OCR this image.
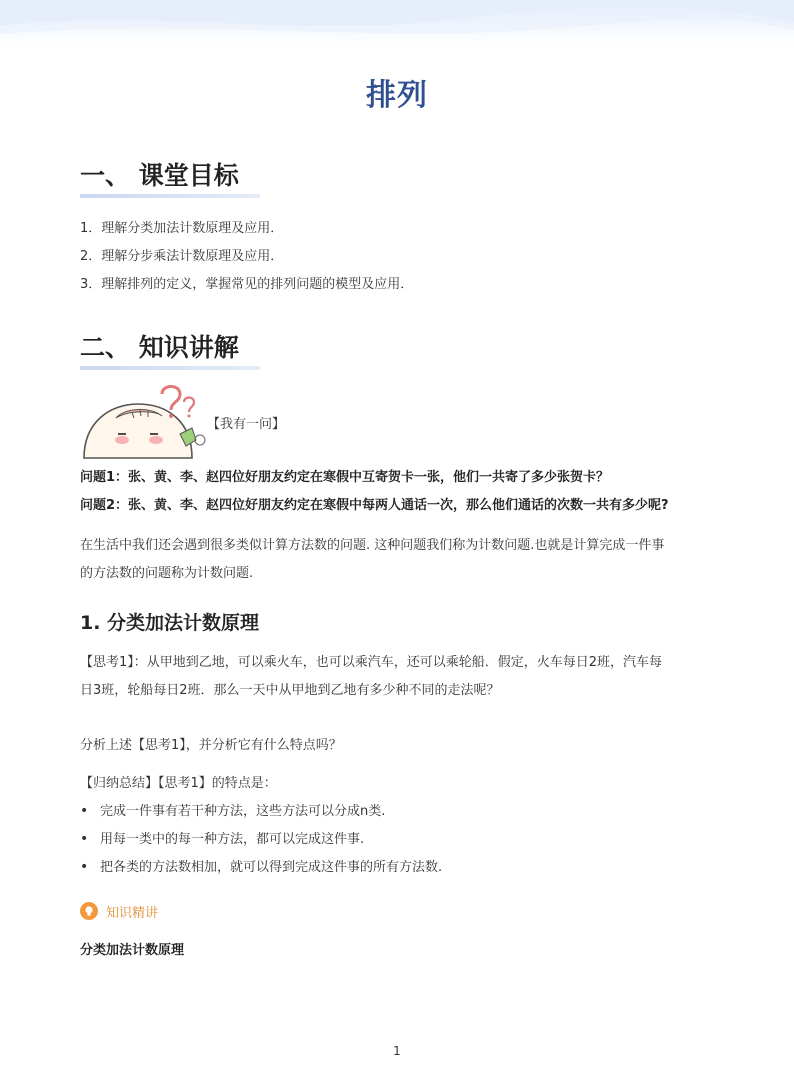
排列
一、 课堂目标
1．理解分类加法计数原理及应用．
2．理解分步乘法计数原理及应用．
3．理解排列的定义，掌握常见的排列问题的模型及应用．
二、 知识讲解
【我有一问】
问题1：张、黄、李、赵四位好朋友约定在寒假中互寄贺卡一张，他们一共寄了多少张贺卡？
问题2：张、黄、李、赵四位好朋友约定在寒假中每两人通话一次，那么他们通话的次数一共有多少呢?
在生活中我们还会遇到很多类似计算方法数的问题. 这种问题我们称为计数问题.也就是计算完成一件事
的方法数的问题称为计数问题.
1. 分类加法计数原理
【思考1】：从甲地到乙地，可以乘火车，也可以乘汽车，还可以乘轮船．假定，火车每日2班，汽车每
日3班，轮船每日2班．那么一天中从甲地到乙地有多少种不同的走法呢？
分析上述【思考1】，并分析它有什么特点吗？
【归纳总结】【思考1】的特点是：
• 完成一件事有若干种方法，这些方法可以分成n类.
• 用每一类中的每一种方法，都可以完成这件事.
• 把各类的方法数相加，就可以得到完成这件事的所有方法数.
知识精讲
分类加法计数原理
1
